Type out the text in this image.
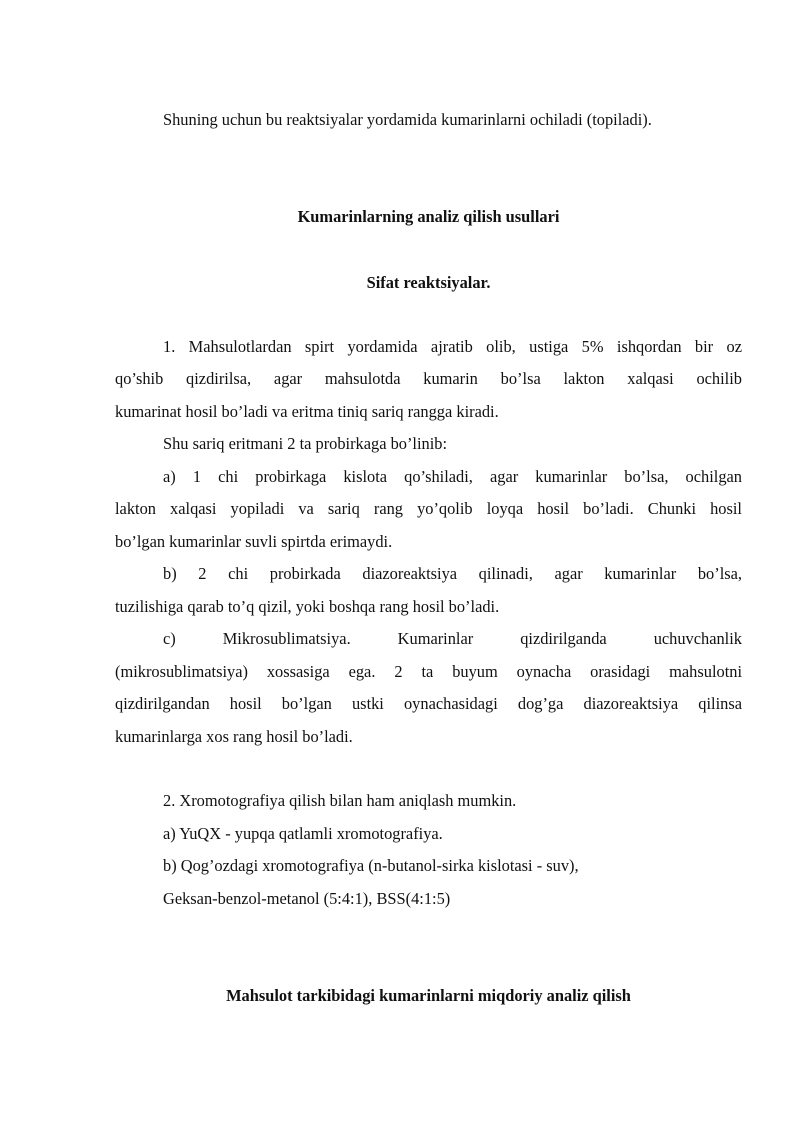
Shuning uchun bu reaktsiyalar yordamida kumarinlarni ochiladi (topiladi).

Kumarinlarning analiz qilish usullari

Sifat reaktsiyalar.

1. Mahsulotlardan spirt yordamida ajratib olib, ustiga 5% ishqordan bir oz

qo’shib qizdirilsa, agar mahsulotda kumarin bo’lsa lakton xalqasi ochilib

kumarinat hosil bo’ladi va eritma tiniq sariq rangga kiradi.

Shu sariq eritmani 2 ta probirkaga bo’linib:

a) 1 chi probirkaga kislota qo’shiladi, agar kumarinlar bo’lsa, ochilgan

lakton xalqasi yopiladi va sariq rang yo’qolib loyqa hosil bo’ladi. Chunki hosil

bo’lgan kumarinlar suvli spirtda erimaydi.

b) 2 chi probirkada diazoreaktsiya qilinadi, agar kumarinlar bo’lsa,

tuzilishiga qarab to’q qizil, yoki boshqa rang hosil bo’ladi.

c) Mikrosublimatsiya. Kumarinlar qizdirilganda uchuvchanlik

(mikrosublimatsiya) xossasiga ega. 2 ta buyum oynacha orasidagi mahsulotni

qizdirilgandan hosil bo’lgan ustki oynachasidagi dog’ga diazoreaktsiya qilinsa

kumarinlarga xos rang hosil bo’ladi.

2. Xromotografiya qilish bilan ham aniqlash mumkin.

a) YuQX - yupqa qatlamli xromotografiya.

b) Qog’ozdagi xromotografiya (n-butanol-sirka kislotasi - suv),

Geksan-benzol-metanol (5:4:1), BSS(4:1:5)

Mahsulot tarkibidagi kumarinlarni miqdoriy analiz qilish
